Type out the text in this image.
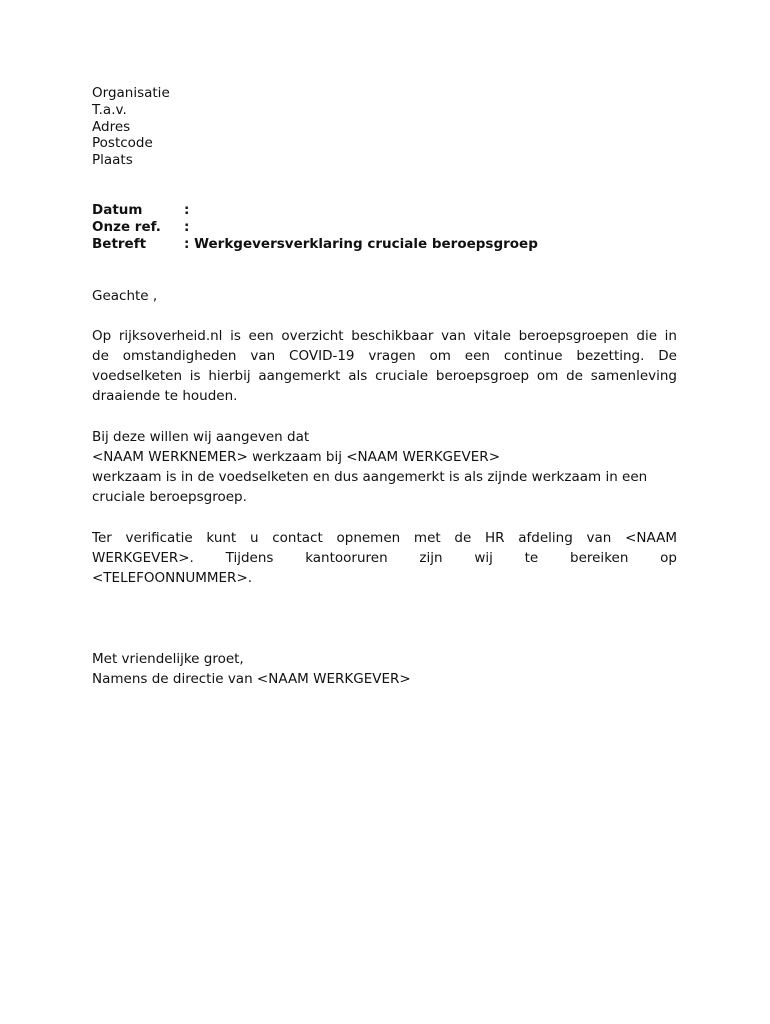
Organisatie
T.a.v.
Adres
Postcode
Plaats
Datum	:
Onze ref.	:
Betreft	: Werkgeversverklaring cruciale beroepsgroep
Geachte ,
Op rijksoverheid.nl is een overzicht beschikbaar van vitale beroepsgroepen die in
de omstandigheden van COVID-19 vragen om een continue bezetting. De
voedselketen is hierbij aangemerkt als cruciale beroepsgroep om de samenleving
draaiende te houden.
Bij deze willen wij aangeven dat
<NAAM WERKNEMER> werkzaam bij <NAAM WERKGEVER>
werkzaam is in de voedselketen en dus aangemerkt is als zijnde werkzaam in een
cruciale beroepsgroep.
Ter verificatie kunt u contact opnemen met de HR afdeling van <NAAM
WERKGEVER>. Tijdens kantooruren zijn wij te bereiken op
<TELEFOONNUMMER>.
Met vriendelijke groet,
Namens de directie van <NAAM WERKGEVER>
